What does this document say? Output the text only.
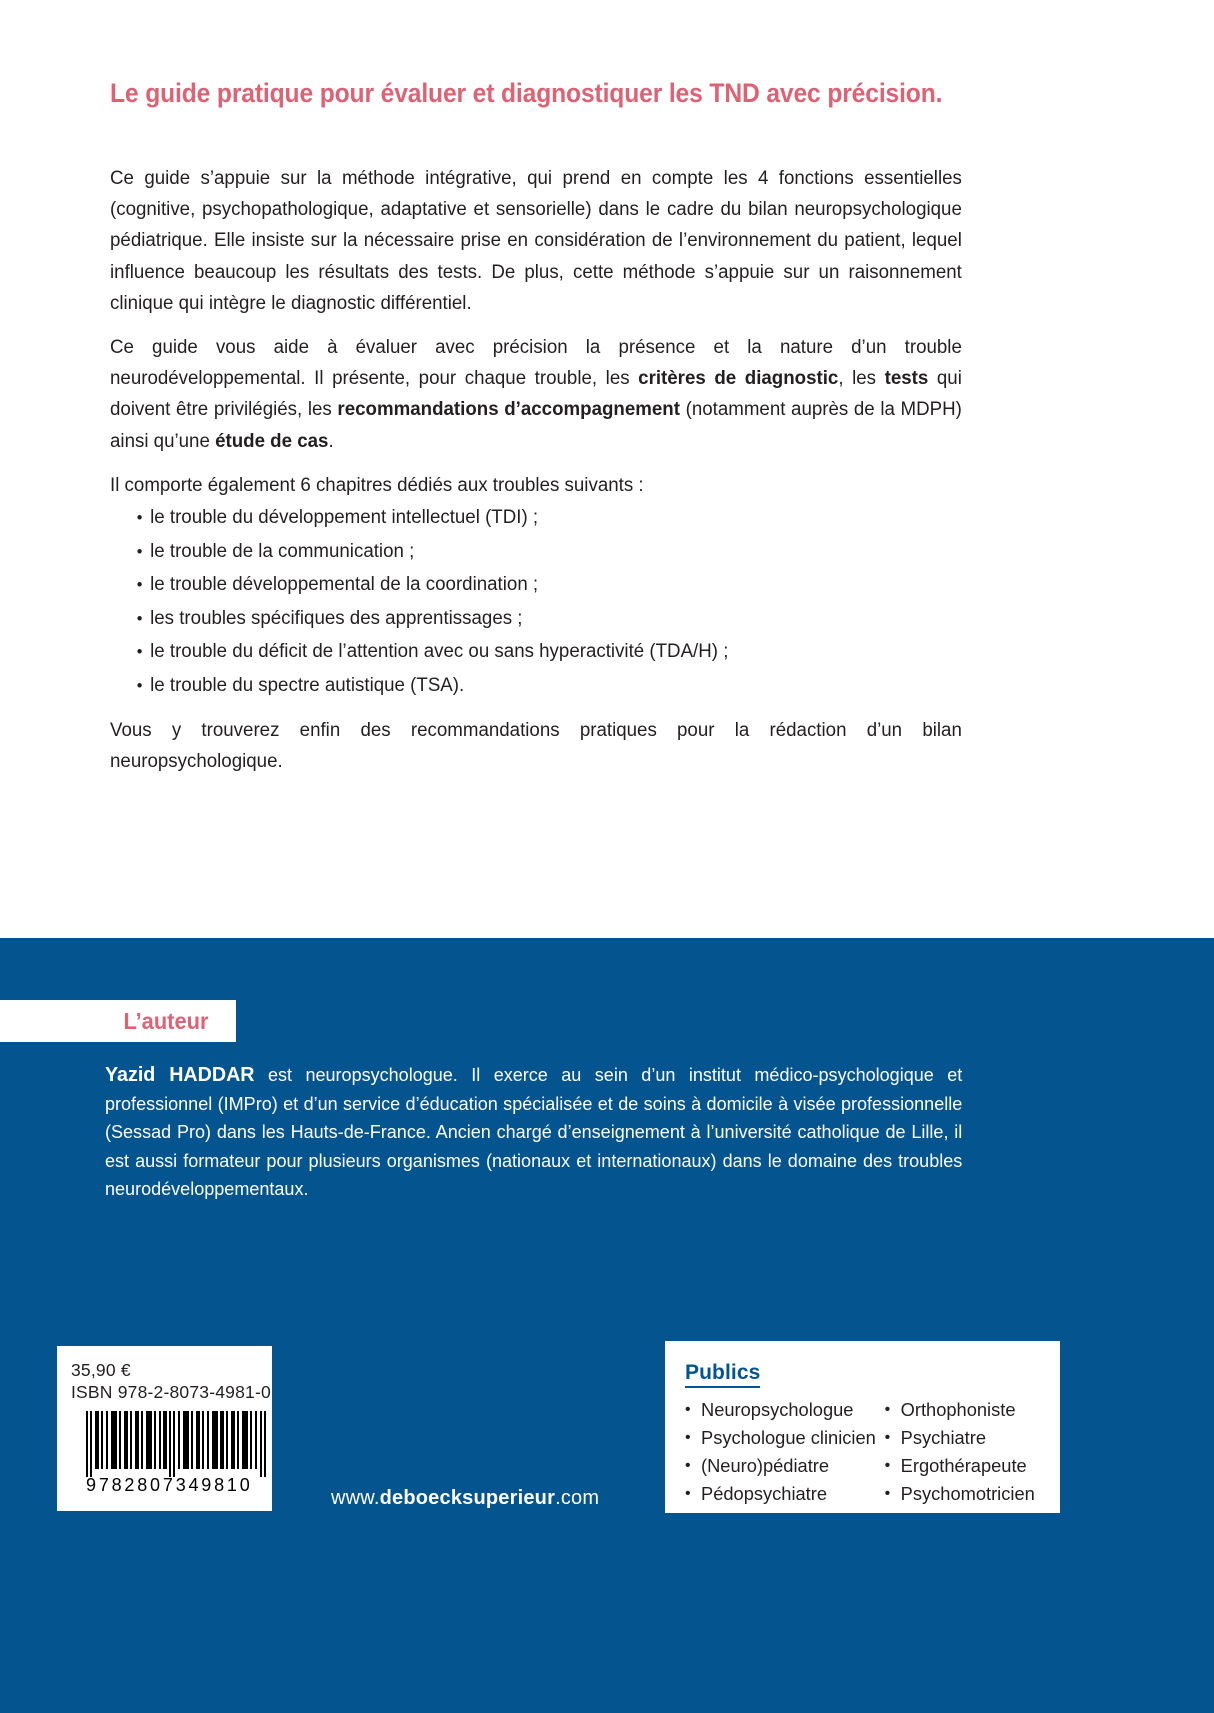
Le guide pratique pour évaluer et diagnostiquer les TND avec précision.

Ce guide s’appuie sur la méthode intégrative, qui prend en compte les 4 fonctions essentielles (cognitive, psychopathologique, adaptative et sensorielle) dans le cadre du bilan neuropsychologique pédiatrique. Elle insiste sur la nécessaire prise en considération de l’environnement du patient, lequel influence beaucoup les résultats des tests. De plus, cette méthode s’appuie sur un raisonnement clinique qui intègre le diagnostic différentiel.

Ce guide vous aide à évaluer avec précision la présence et la nature d’un trouble neurodéveloppemental. Il présente, pour chaque trouble, les critères de diagnostic, les tests qui doivent être privilégiés, les recommandations d’accompagnement (notamment auprès de la MDPH) ainsi qu’une étude de cas.

Il comporte également 6 chapitres dédiés aux troubles suivants :

• le trouble du développement intellectuel (TDI) ;
• le trouble de la communication ;
• le trouble développemental de la coordination ;
• les troubles spécifiques des apprentissages ;
• le trouble du déficit de l’attention avec ou sans hyperactivité (TDA/H) ;
• le trouble du spectre autistique (TSA).

Vous y trouverez enfin des recommandations pratiques pour la rédaction d’un bilan neuropsychologique.

L’auteur
Yazid HADDAR est neuropsychologue. Il exerce au sein d’un institut médico-psychologique et professionnel (IMPro) et d’un service d’éducation spécialisée et de soins à domicile à visée professionnelle (Sessad Pro) dans les Hauts-de-France. Ancien chargé d’enseignement à l’université catholique de Lille, il est aussi formateur pour plusieurs organismes (nationaux et internationaux) dans le domaine des troubles neurodéveloppementaux.
35,90 €
ISBN 978-2-8073-4981-0
9782807349810
www.deboecksuperieur.com
Publics
• Neuropsychologue
• Psychologue clinicien
• (Neuro)pédiatre
• Pédopsychiatre
• Orthophoniste
• Psychiatre
• Ergothérapeute
• Psychomotricien
